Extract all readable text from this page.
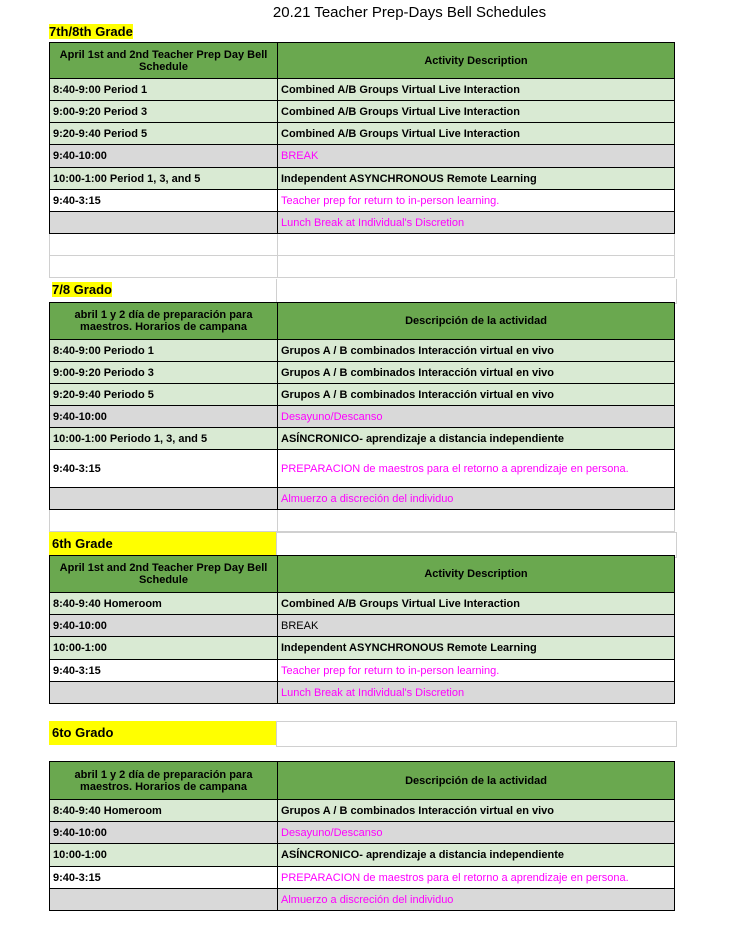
20.21 Teacher Prep-Days Bell Schedules
7th/8th Grade
April 1st and 2nd Teacher Prep Day Bell Schedule	Activity Description
8:40-9:00 Period 1	Combined A/B Groups Virtual Live Interaction
9:00-9:20 Period 3	Combined A/B Groups Virtual Live Interaction
9:20-9:40 Period 5	Combined A/B Groups Virtual Live Interaction
9:40-10:00	BREAK
10:00-1:00 Period 1, 3, and 5	Independent ASYNCHRONOUS Remote Learning
9:40-3:15	Teacher prep for return to in-person learning.
	Lunch Break at Individual's Discretion

7/8 Grado
abril 1 y 2 día de preparación para maestros. Horarios de campana	Descripción de la actividad
8:40-9:00 Periodo 1	Grupos A / B combinados Interacción virtual en vivo
9:00-9:20 Periodo 3	Grupos A / B combinados Interacción virtual en vivo
9:20-9:40 Periodo 5	Grupos A / B combinados Interacción virtual en vivo
9:40-10:00	Desayuno/Descanso
10:00-1:00 Periodo 1, 3, and 5	ASÍNCRONICO- aprendizaje a distancia independiente
9:40-3:15	PREPARACION de maestros para el retorno a aprendizaje en persona.
	Almuerzo a discreción del individuo

6th Grade
April 1st and 2nd Teacher Prep Day Bell Schedule	Activity Description
8:40-9:40 Homeroom	Combined A/B Groups Virtual Live Interaction
9:40-10:00	BREAK
10:00-1:00	Independent ASYNCHRONOUS Remote Learning
9:40-3:15	Teacher prep for return to in-person learning.
	Lunch Break at Individual's Discretion
6to Grado
abril 1 y 2 día de preparación para maestros. Horarios de campana	Descripción de la actividad
8:40-9:40 Homeroom	Grupos A / B combinados Interacción virtual en vivo
9:40-10:00	Desayuno/Descanso
10:00-1:00	ASÍNCRONICO- aprendizaje a distancia independiente
9:40-3:15	PREPARACION de maestros para el retorno a aprendizaje en persona.
	Almuerzo a discreción del individuo
